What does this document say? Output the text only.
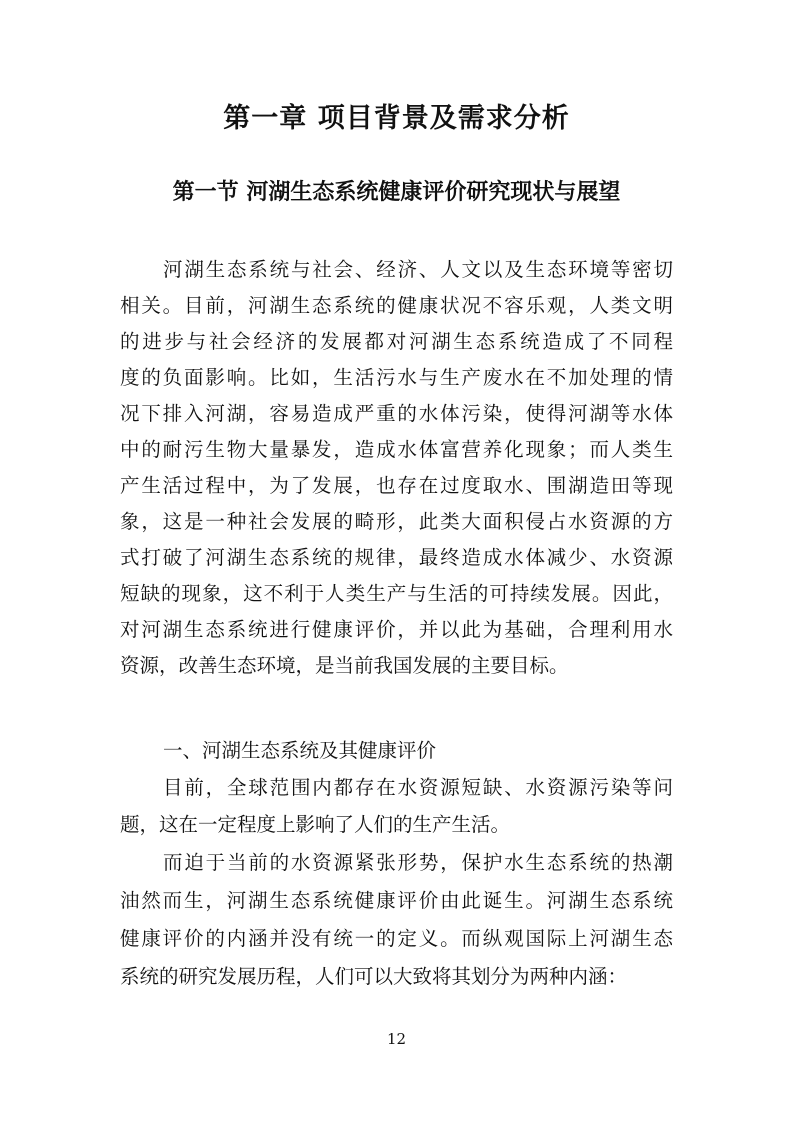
第一章 项目背景及需求分析
第一节 河湖生态系统健康评价研究现状与展望

河湖生态系统与社会、经济、人文以及生态环境等密切

相关。目前，河湖生态系统的健康状况不容乐观，人类文明

的进步与社会经济的发展都对河湖生态系统造成了不同程

度的负面影响。比如，生活污水与生产废水在不加处理的情

况下排入河湖，容易造成严重的水体污染，使得河湖等水体

中的耐污生物大量暴发，造成水体富营养化现象；而人类生

产生活过程中，为了发展，也存在过度取水、围湖造田等现

象，这是一种社会发展的畸形，此类大面积侵占水资源的方

式打破了河湖生态系统的规律，最终造成水体减少、水资源

短缺的现象，这不利于人类生产与生活的可持续发展。因此，

对河湖生态系统进行健康评价，并以此为基础，合理利用水

资源，改善生态环境，是当前我国发展的主要目标。

一、河湖生态系统及其健康评价

目前，全球范围内都存在水资源短缺、水资源污染等问

题，这在一定程度上影响了人们的生产生活。

而迫于当前的水资源紧张形势，保护水生态系统的热潮

油然而生，河湖生态系统健康评价由此诞生。河湖生态系统

健康评价的内涵并没有统一的定义。而纵观国际上河湖生态

系统的研究发展历程，人们可以大致将其划分为两种内涵：

12
